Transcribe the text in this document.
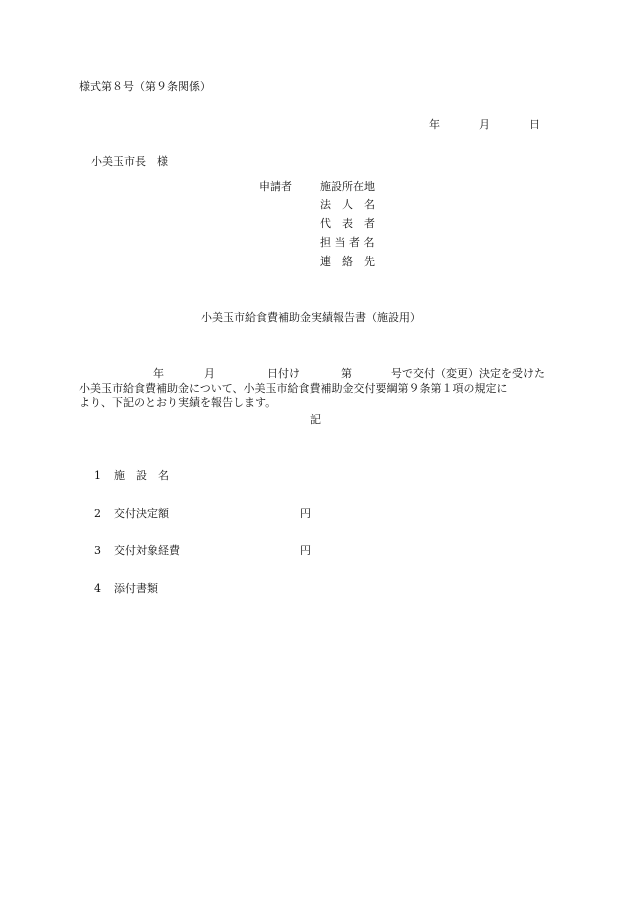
様式第８号（第９条関係）
年	月	日
小美玉市長　様
申請者	施設所在地
法　人　名
代　表　者
担 当 者 名
連　絡　先
小美玉市給食費補助金実績報告書（施設用）
年	月	日付け	第	号で交付（変更）決定を受けた
小美玉市給食費補助金について、小美玉市給食費補助金交付要綱第９条第１項の規定に
より、下記のとおり実績を報告します。
記
1 施　設　名
2 交付決定額	円
3 交付対象経費	円
4 添付書類
